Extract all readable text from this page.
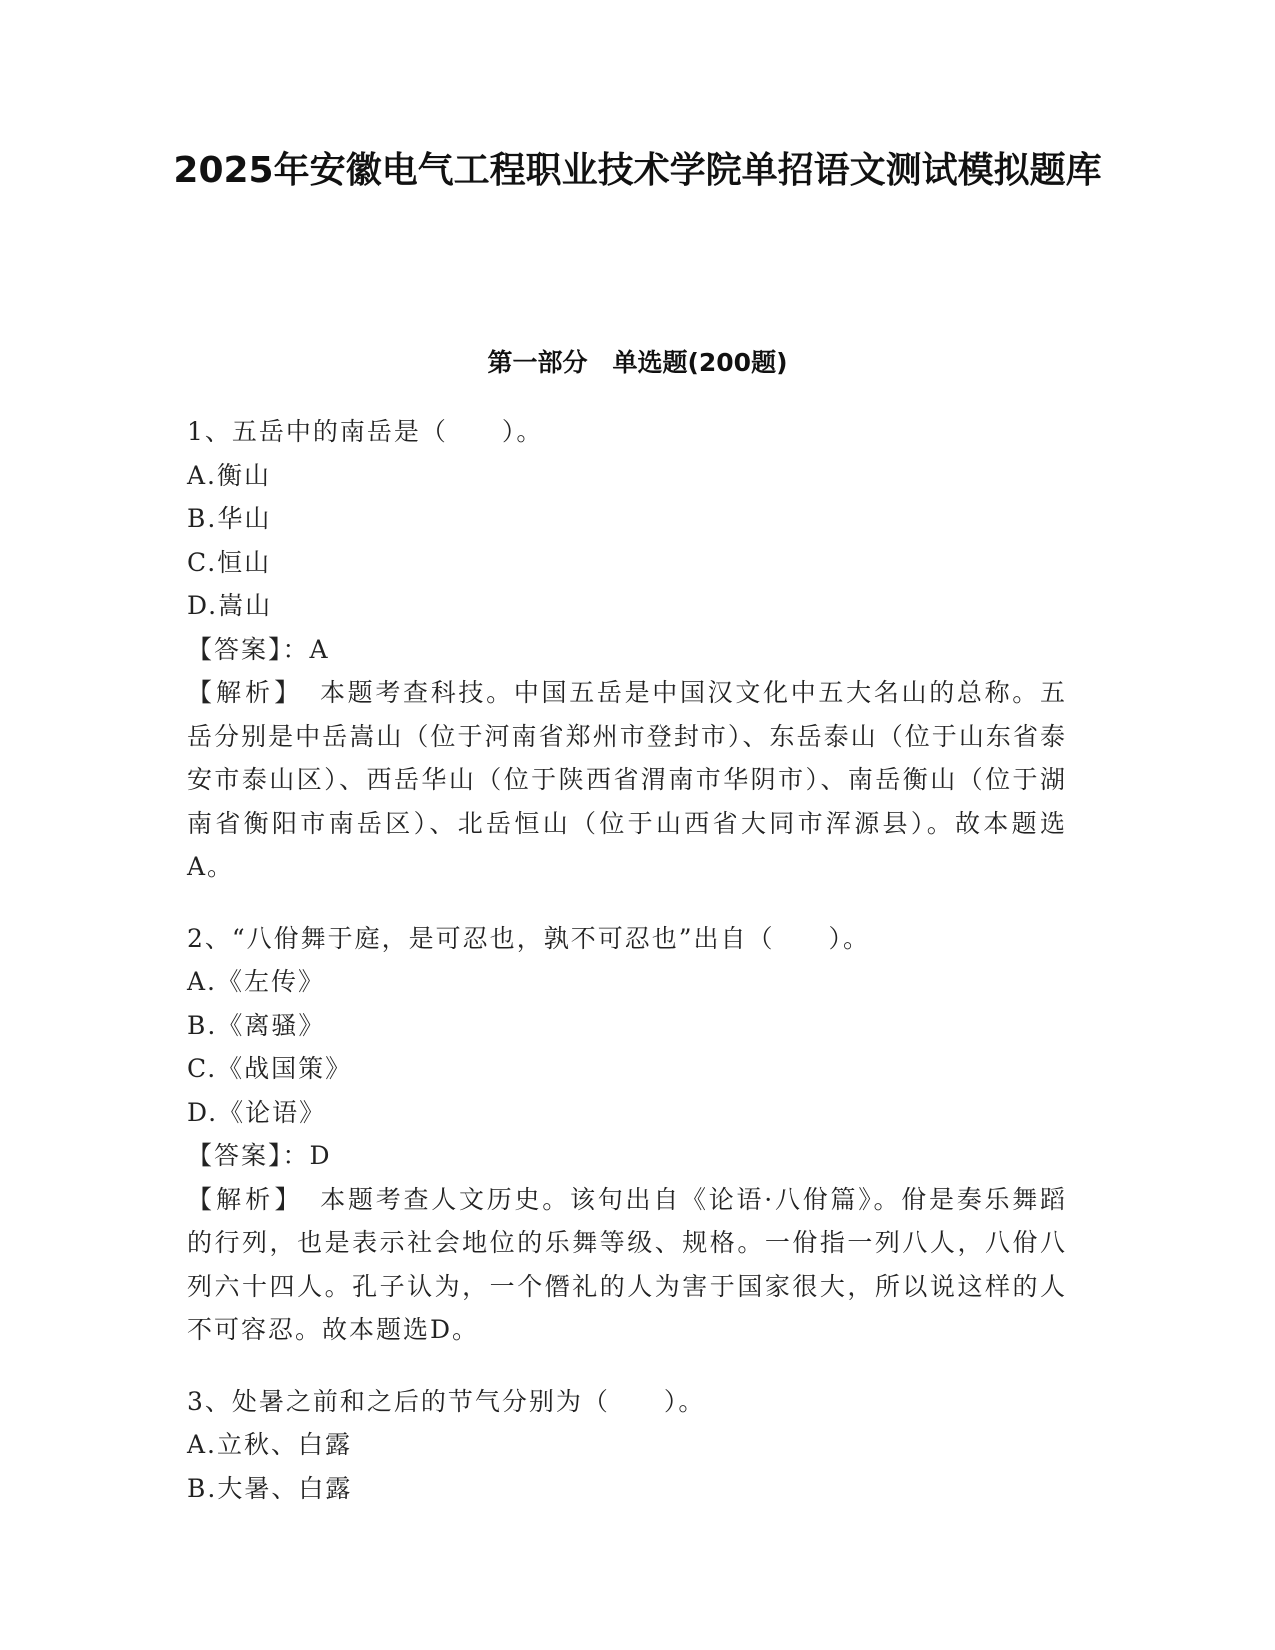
2025年安徽电气工程职业技术学院单招语文测试模拟题库
第一部分　单选题(200题)
1、五岳中的南岳是（　　）。
A.衡山
B.华山
C.恒山
D.嵩山
【答案】：A
【解析】　 本题考查科技。中国五岳是中国汉文化中五大名山的总称。五岳分别是中岳嵩山（位于河南省郑州市登封市）、东岳泰山（位于山东省泰安市泰山区）、西岳华山（位于陕西省渭南市华阴市）、南岳衡山（位于湖南省衡阳市南岳区）、北岳恒山（位于山西省大同市浑源县）。故本题选A。
2、“八佾舞于庭，是可忍也，孰不可忍也”出自（　　）。
A.《左传》
B.《离骚》
C.《战国策》
D.《论语》
【答案】：D
【解析】　 本题考查人文历史。该句出自《论语·八佾篇》。佾是奏乐舞蹈的行列，也是表示社会地位的乐舞等级、规格。一佾指一列八人，八佾八列六十四人。孔子认为，一个僭礼的人为害于国家很大，所以说这样的人不可容忍。故本题选D。
3、处暑之前和之后的节气分别为（　　）。
A.立秋、白露
B.大暑、白露
